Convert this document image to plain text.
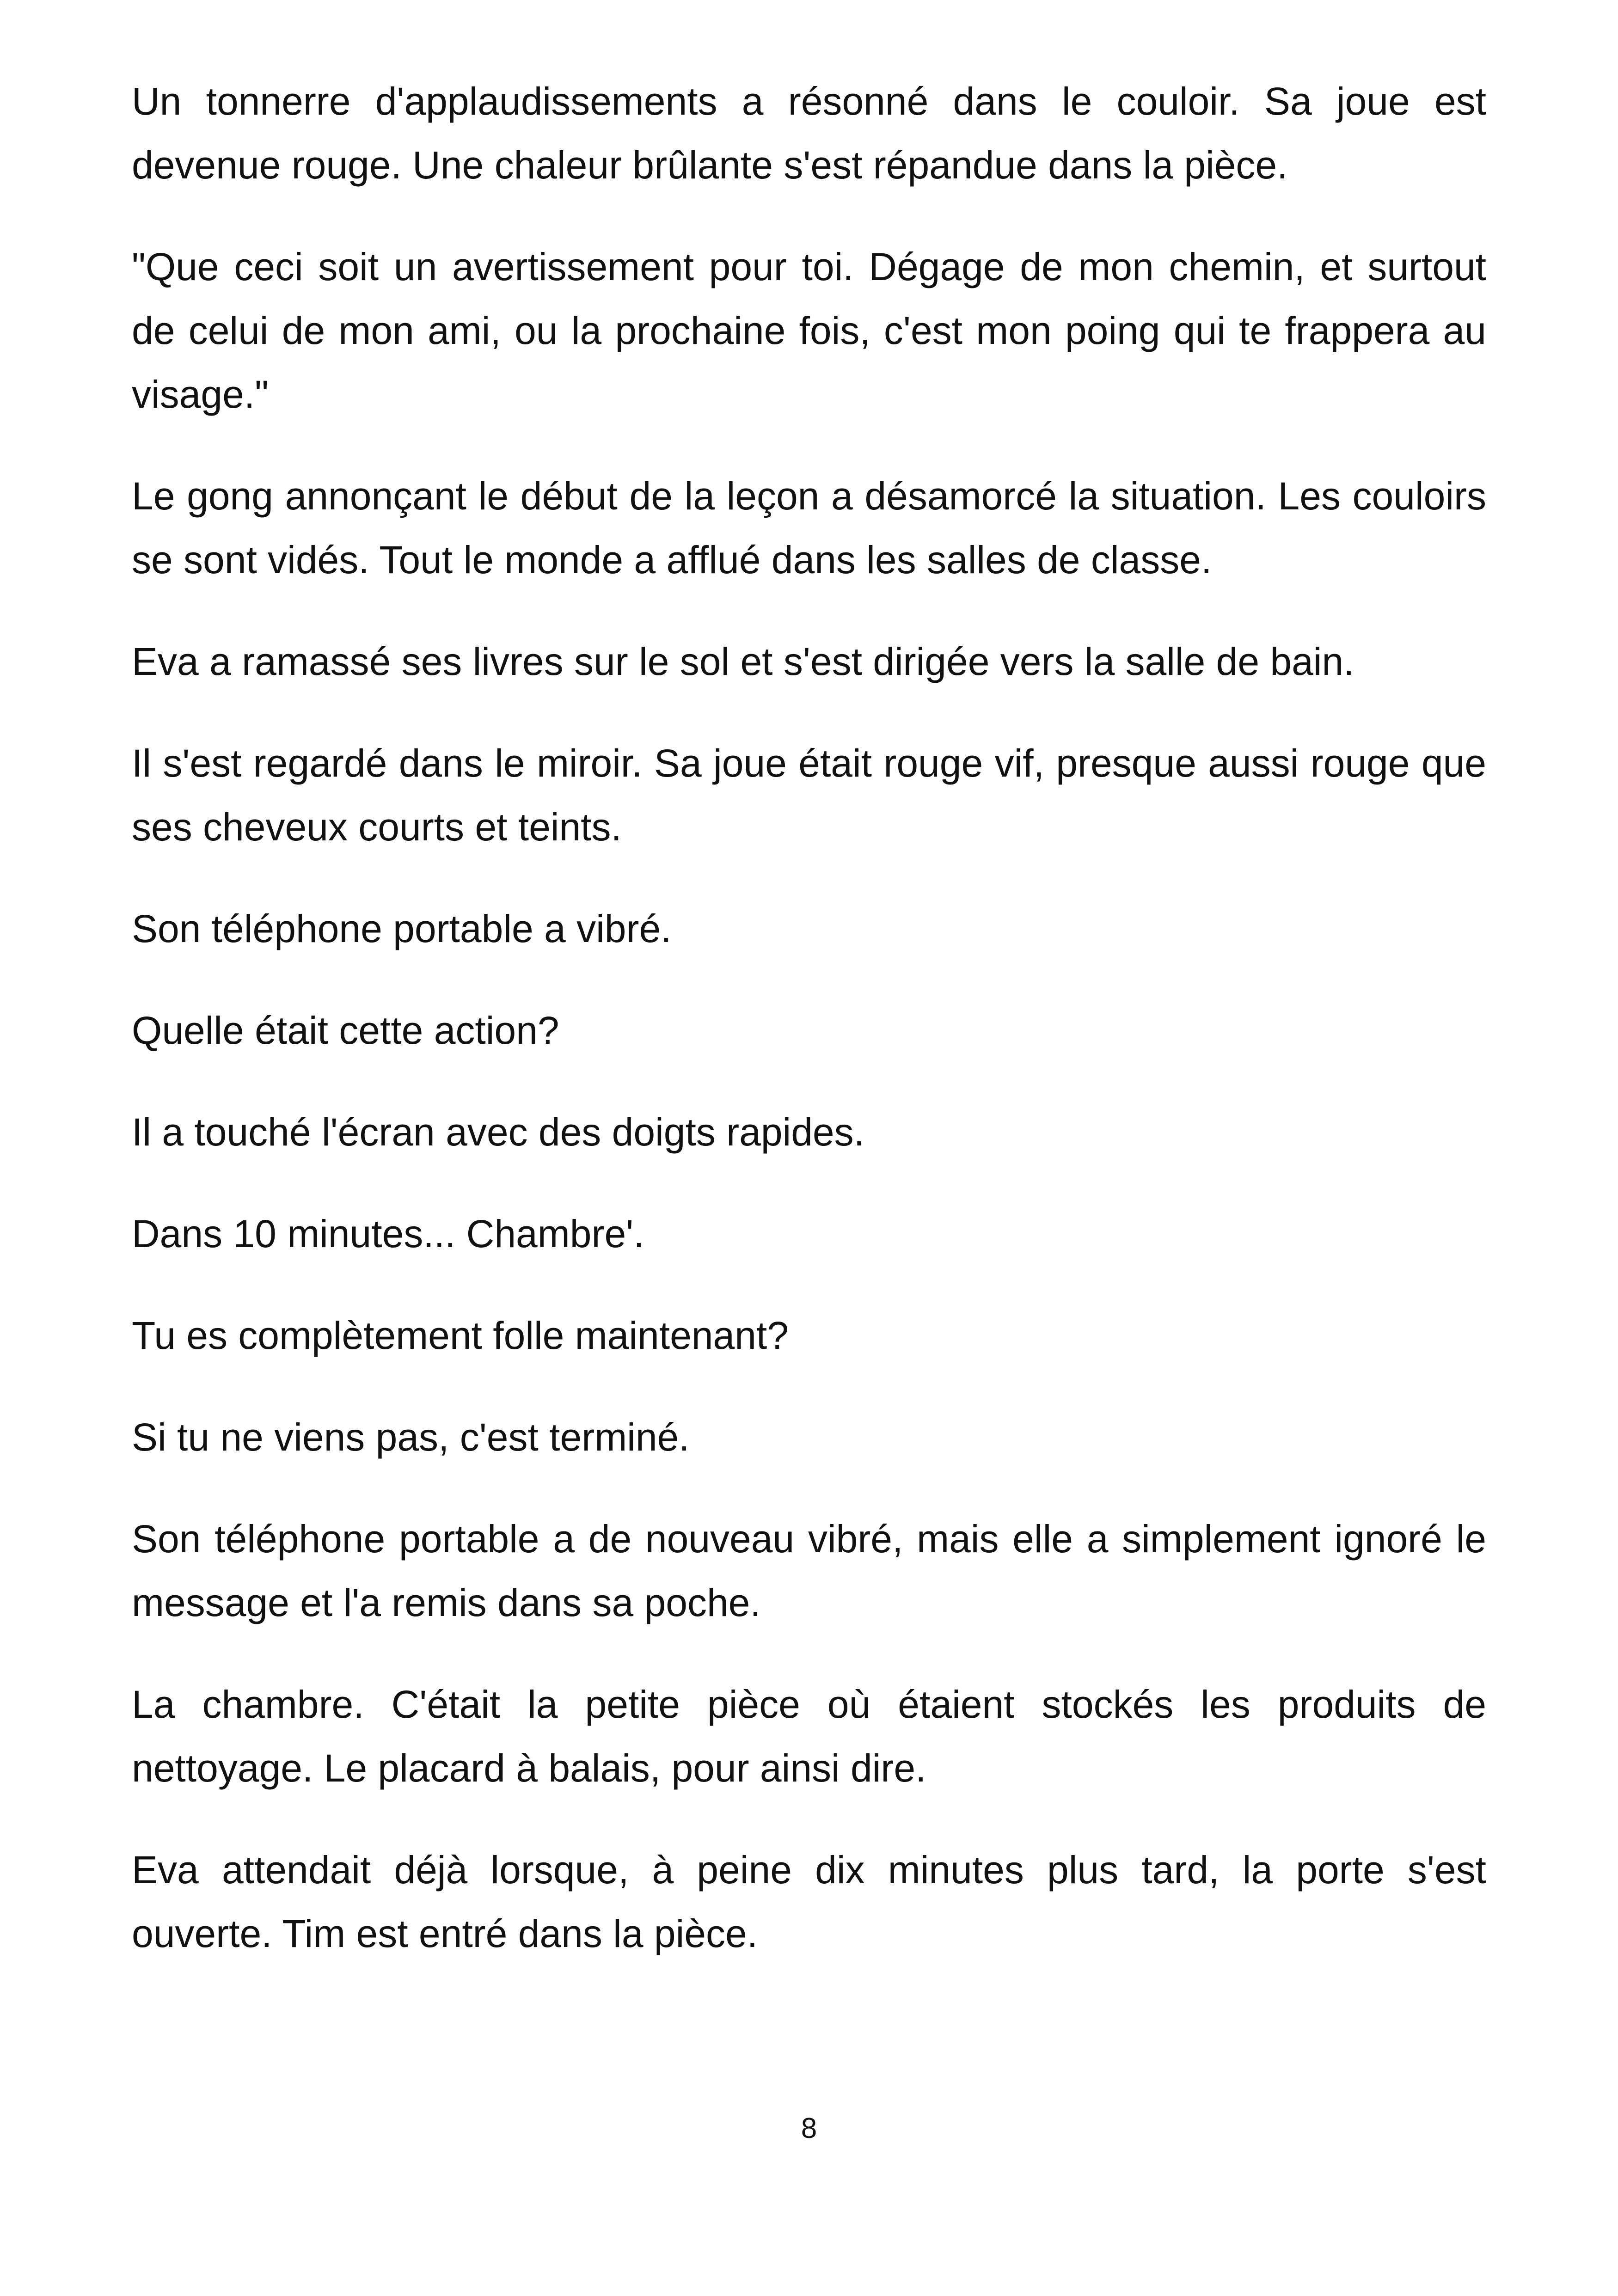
Un tonnerre d'applaudissements a résonné dans le couloir. Sa joue est devenue rouge. Une chaleur brûlante s'est répandue dans la pièce.

"Que ceci soit un avertissement pour toi. Dégage de mon chemin, et surtout de celui de mon ami, ou la prochaine fois, c'est mon poing qui te frappera au visage."

Le gong annonçant le début de la leçon a désamorcé la situation. Les couloirs se sont vidés. Tout le monde a afflué dans les salles de classe.

Eva a ramassé ses livres sur le sol et s'est dirigée vers la salle de bain.

Il s'est regardé dans le miroir. Sa joue était rouge vif, presque aussi rouge que ses cheveux courts et teints.

Son téléphone portable a vibré.

Quelle était cette action?

Il a touché l'écran avec des doigts rapides.

Dans 10 minutes... Chambre'.

Tu es complètement folle maintenant?

Si tu ne viens pas, c'est terminé.

Son téléphone portable a de nouveau vibré, mais elle a simplement ignoré le message et l'a remis dans sa poche.

La chambre. C'était la petite pièce où étaient stockés les produits de nettoyage. Le placard à balais, pour ainsi dire.

Eva attendait déjà lorsque, à peine dix minutes plus tard, la porte s'est ouverte. Tim est entré dans la pièce.

8
